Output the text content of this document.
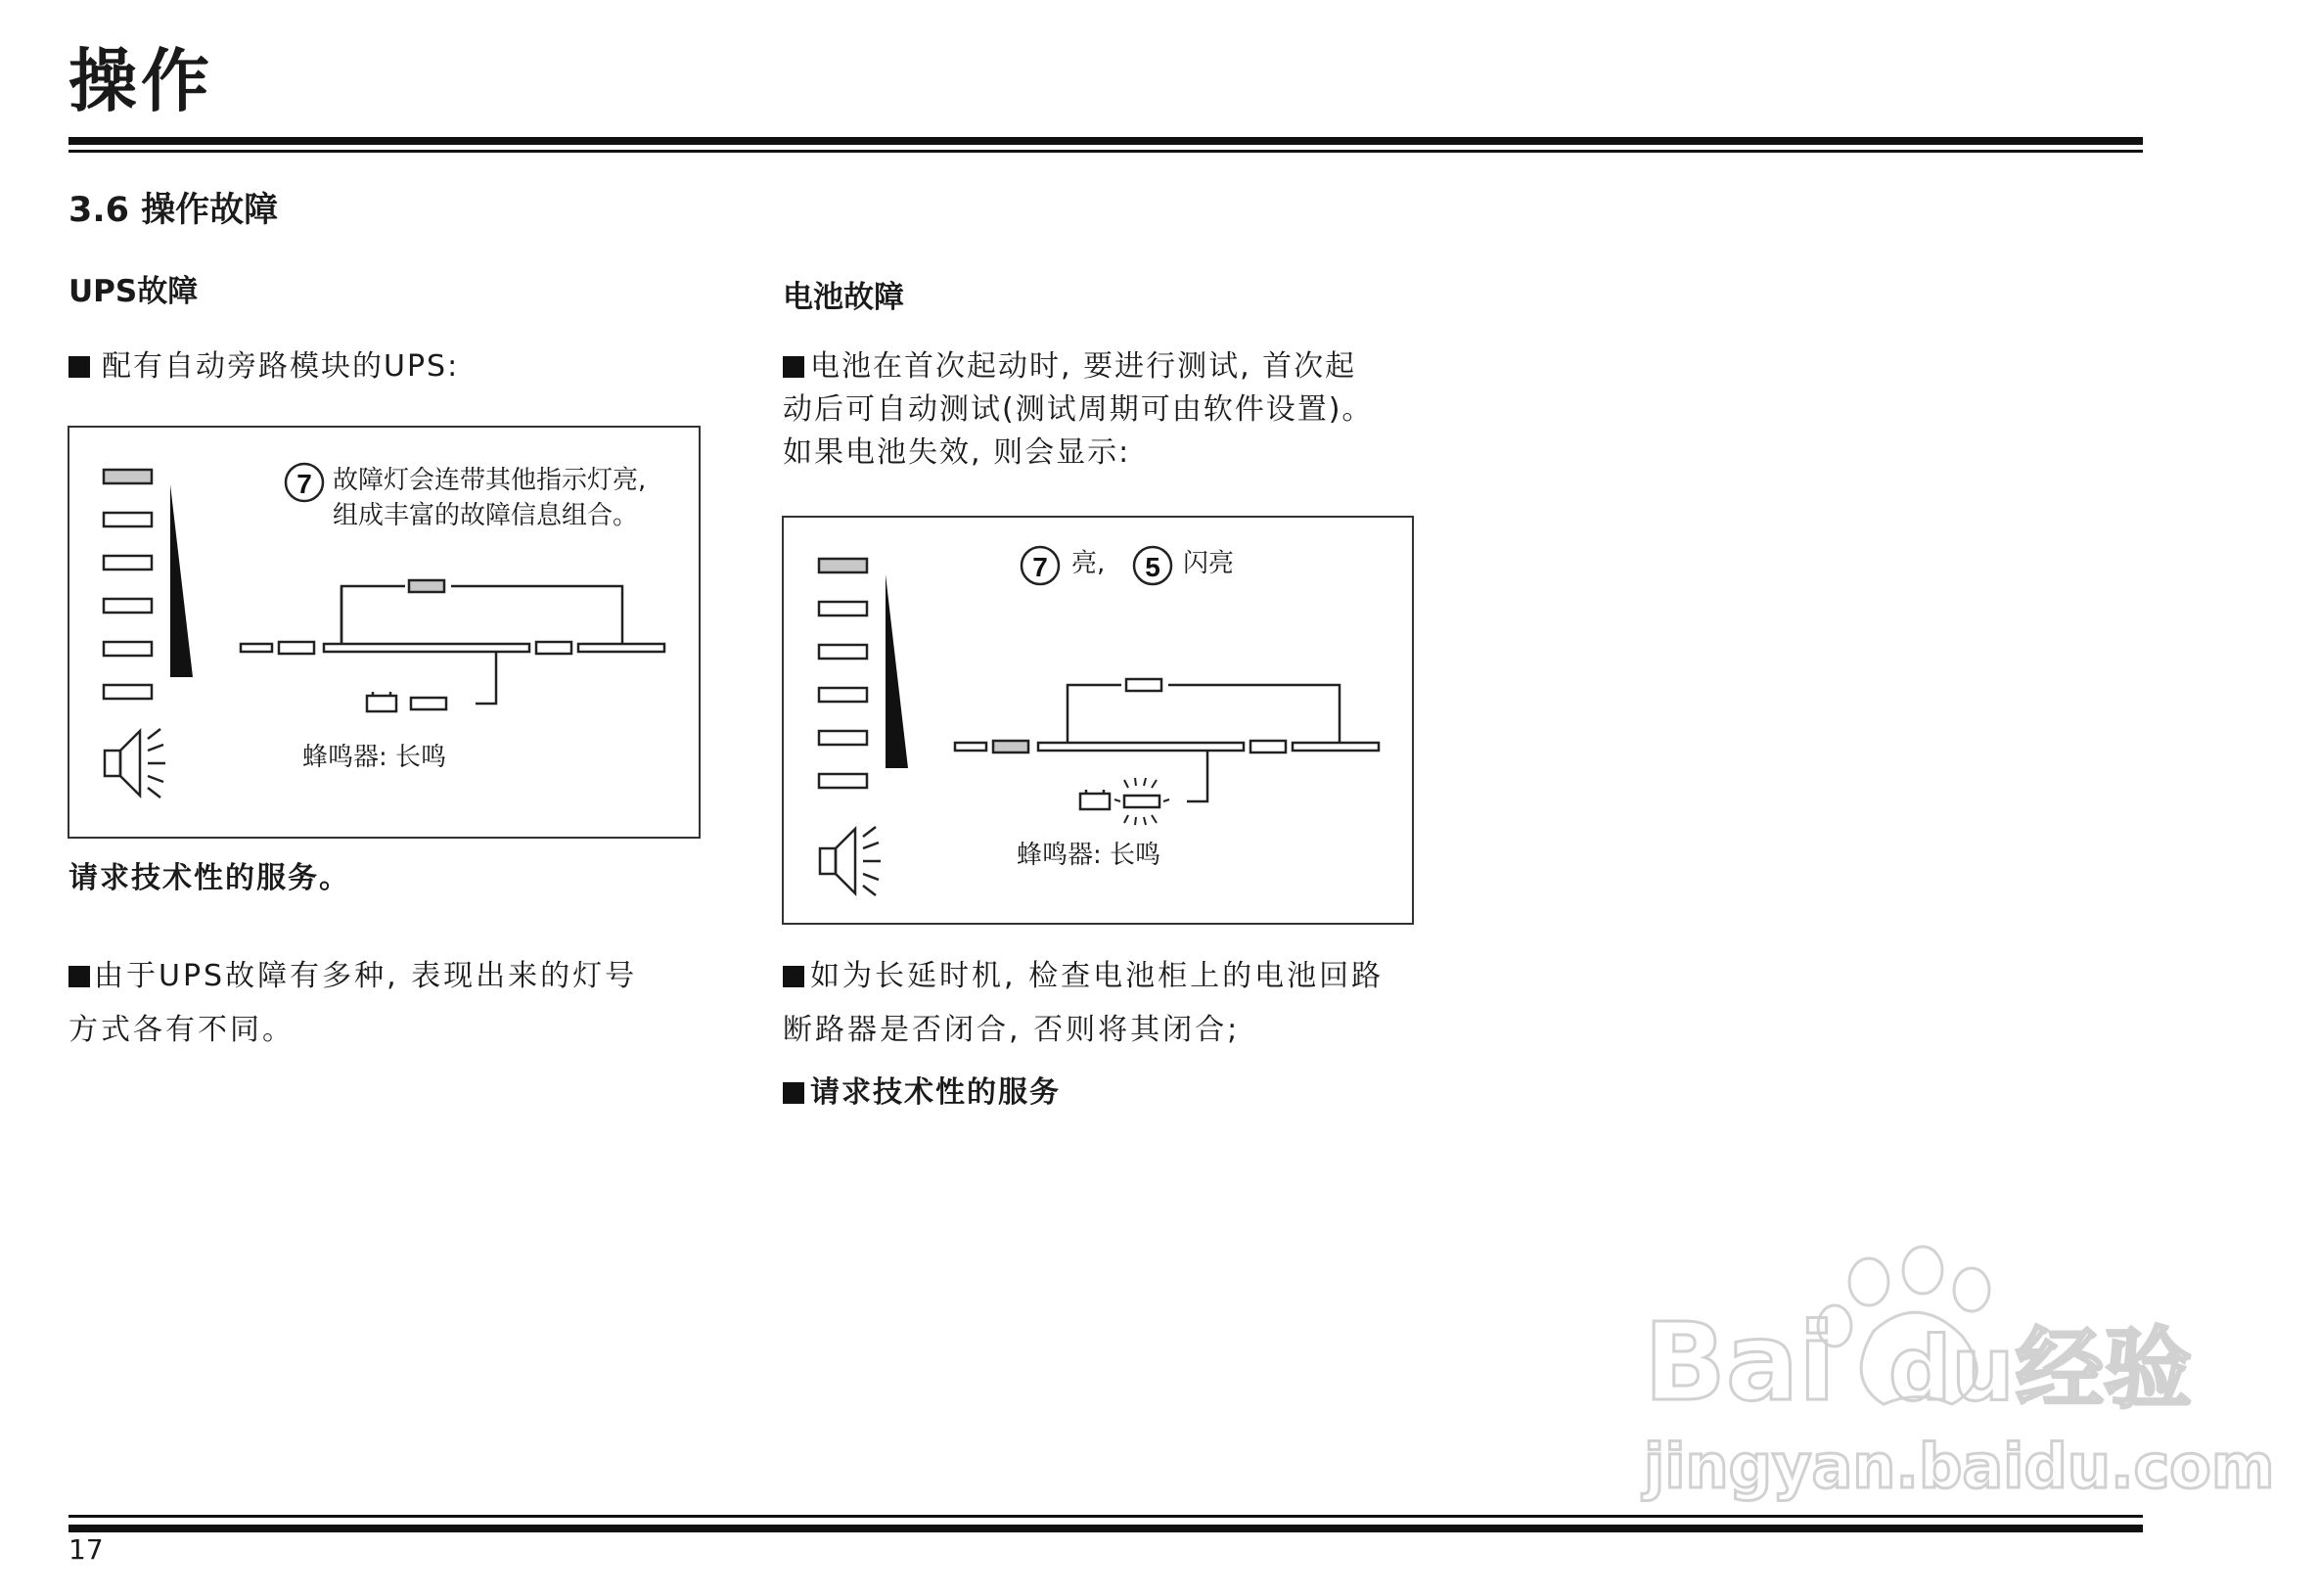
操作
3.6 操作故障
UPS故障
配有自动旁路模块的UPS:
7 故障灯会连带其他指示灯亮,
组成丰富的故障信息组合。
蜂鸣器: 长鸣
请求技术性的服务。
由于UPS故障有多种, 表现出来的灯号
方式各有不同。
电池故障
电池在首次起动时, 要进行测试, 首次起
动后可自动测试(测试周期可由软件设置)。
如果电池失效, 则会显示:
7	5
亮,	闪亮
蜂鸣器: 长鸣
如为长延时机, 检查电池柜上的电池回路
断路器是否闭合, 否则将其闭合;
请求技术性的服务
Bai du 经验
jingyan.baidu.com
17
